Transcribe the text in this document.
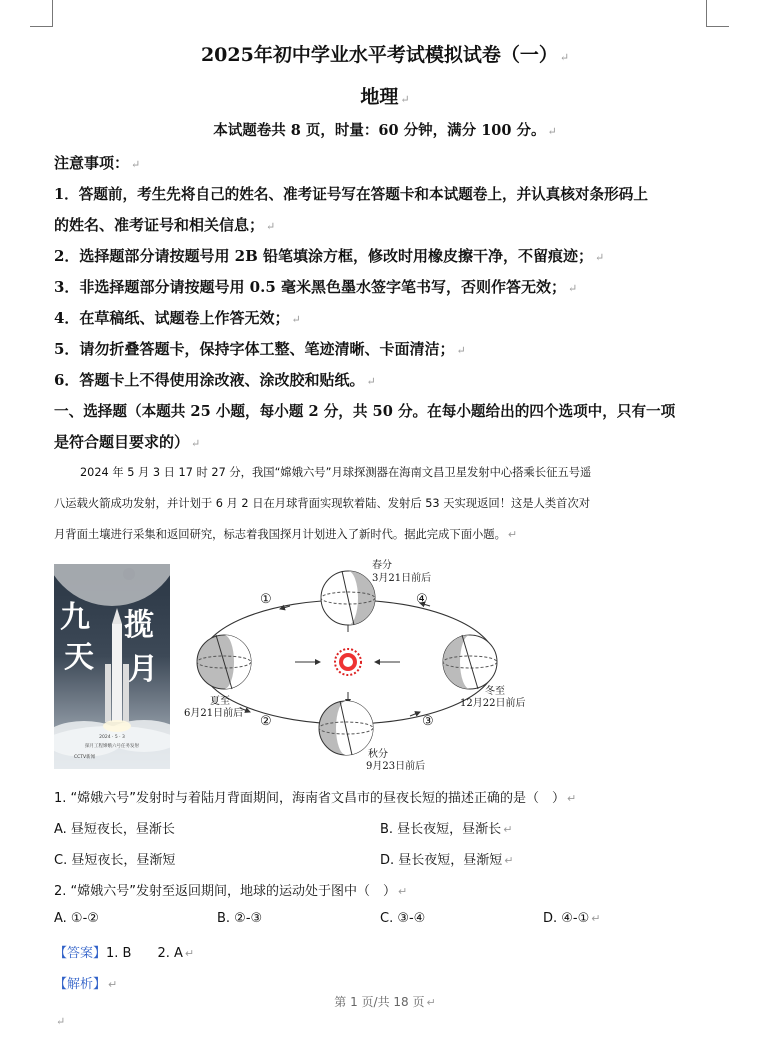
2025年初中学业水平考试模拟试卷（一） ↵
地理 ↵
本试题卷共 8 页，时量：60 分钟，满分 100 分。 ↵
注意事项： ↵
1．答题前，考生先将自己的姓名、准考证号写在答题卡和本试题卷上，并认真核对条形码上
的姓名、准考证号和相关信息； ↵
2．选择题部分请按题号用 2B 铅笔填涂方框，修改时用橡皮擦干净，不留痕迹； ↵
3．非选择题部分请按题号用 0.5 毫米黑色墨水签字笔书写，否则作答无效； ↵
4．在草稿纸、试题卷上作答无效； ↵
5．请勿折叠答题卡，保持字体工整、笔迹清晰、卡面清洁； ↵
6．答题卡上不得使用涂改液、涂改胶和贴纸。 ↵
一、选择题（本题共 25 小题，每小题 2 分，共 50 分。在每小题给出的四个选项中，只有一项
是符合题目要求的） ↵
2024 年 5 月 3 日 17 时 27 分，我国“嫦娥六号”月球探测器在海南文昌卫星发射中心搭乘长征五号遥
八运载火箭成功发射，并计划于 6 月 2 日在月球背面实现软着陆、发射后 53 天实现返回！这是人类首次对
月背面土壤进行采集和返回研究，标志着我国探月计划进入了新时代。据此完成下面小题。 ↵
九
天
揽
月
2024 · 5 · 3
探月工程嫦娥六号任务发射
CCTV新闻
春分
3月21日前后
夏至
6月21日前后
秋分
9月23日前后
冬至
12月22日前后
①
②	③
④
1. “嫦娥六号”发射时与着陆月背面期间，海南省文昌市的昼夜长短的描述正确的是（　） ↵
A. 昼短夜长，昼渐长	B. 昼长夜短，昼渐长 ↵
C. 昼短夜长，昼渐短	D. 昼长夜短，昼渐短 ↵
2. “嫦娥六号”发射至返回期间，地球的运动处于图中（　） ↵
A. ①-②	B. ②-③	C. ③-④	D. ④-① ↵
【答案】1. B　　2. A ↵
【解析】 ↵
第 1 页/共 18 页 ↵
↵
